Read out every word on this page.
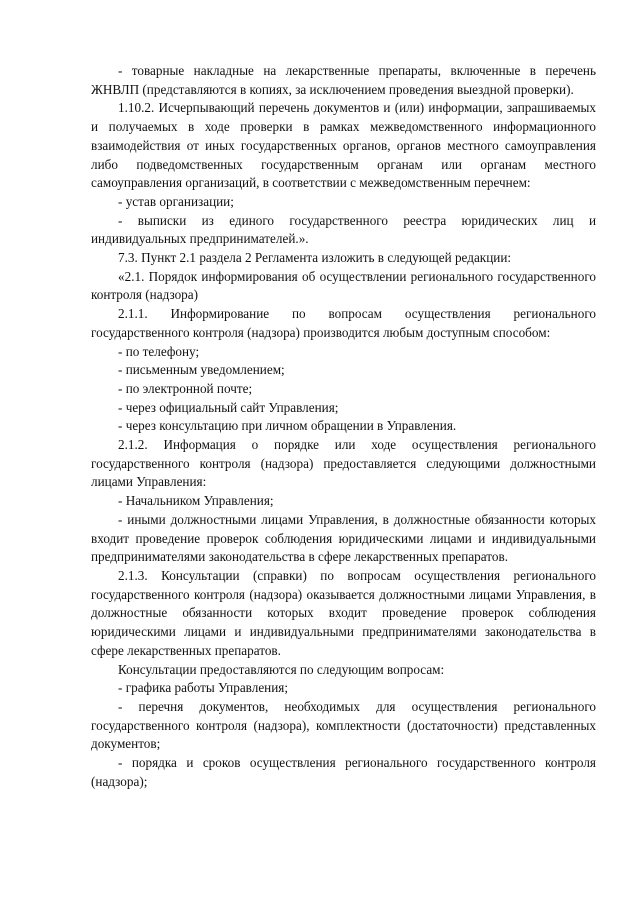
- товарные накладные на лекарственные препараты, включенные в перечень ЖНВЛП (представляются в копиях, за исключением проведения выездной проверки).

1.10.2. Исчерпывающий перечень документов и (или) информации, запрашиваемых и получаемых в ходе проверки в рамках межведомственного информационного взаимодействия от иных государственных органов, органов местного самоуправления либо подведомственных государственным органам или органам местного самоуправления организаций, в соответствии с межведомственным перечнем:

- устав организации;

- выписки из единого государственного реестра юридических лиц и индивидуальных предпринимателей.».

7.3. Пункт 2.1 раздела 2 Регламента изложить в следующей редакции:

«2.1. Порядок информирования об осуществлении регионального государственного контроля (надзора)

2.1.1. Информирование по вопросам осуществления регионального государственного контроля (надзора) производится любым доступным способом:

- по телефону;

- письменным уведомлением;

- по электронной почте;

- через официальный сайт Управления;

- через консультацию при личном обращении в Управления.

2.1.2. Информация о порядке или ходе осуществления регионального государственного контроля (надзора) предоставляется следующими должностными лицами Управления:

- Начальником Управления;

- иными должностными лицами Управления, в должностные обязанности которых входит проведение проверок соблюдения юридическими лицами и индивидуальными предпринимателями законодательства в сфере лекарственных препаратов.

2.1.3. Консультации (справки) по вопросам осуществления регионального государственного контроля (надзора) оказывается должностными лицами Управления, в должностные обязанности которых входит проведение проверок соблюдения юридическими лицами и индивидуальными предпринимателями законодательства в сфере лекарственных препаратов.

Консультации предоставляются по следующим вопросам:

- графика работы Управления;

- перечня документов, необходимых для осуществления регионального государственного контроля (надзора), комплектности (достаточности) представленных документов;

- порядка и сроков осуществления регионального государственного контроля (надзора);
